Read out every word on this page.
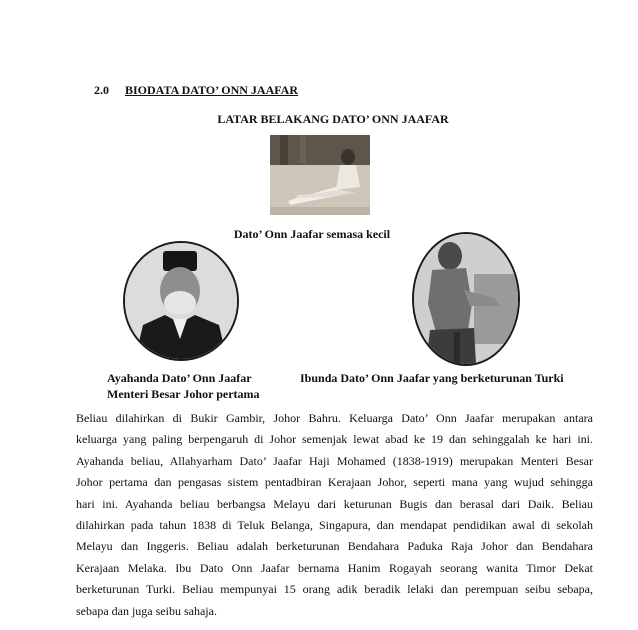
2.0 BIODATA DATO’ ONN JAAFAR
LATAR BELAKANG DATO’ ONN JAAFAR
Dato’ Onn Jaafar semasa kecil
Ayahanda Dato’ Onn Jaafar
Menteri Besar Johor pertama
Ibunda Dato’ Onn Jaafar yang berketurunan Turki

Beliau dilahirkan di Bukir Gambir, Johor Bahru. Keluarga Dato’ Onn Jaafar merupakan antara
keluarga yang paling berpengaruh di Johor semenjak lewat abad ke 19 dan sehinggalah ke hari ini.
Ayahanda beliau, Allahyarham Dato’ Jaafar Haji Mohamed (1838-1919) merupakan Menteri Besar
Johor pertama dan pengasas sistem pentadbiran Kerajaan Johor, seperti mana yang wujud sehingga
hari ini. Ayahanda beliau berbangsa Melayu dari keturunan Bugis dan berasal dari Daik. Beliau
dilahirkan pada tahun 1838 di Teluk Belanga, Singapura, dan mendapat pendidikan awal di sekolah
Melayu dan Inggeris. Beliau adalah berketurunan Bendahara Paduka Raja Johor dan Bendahara
Kerajaan Melaka. Ibu Dato Onn Jaafar bernama Hanim Rogayah seorang wanita Timor Dekat
berketurunan Turki. Beliau mempunyai 15 orang adik beradik lelaki dan perempuan seibu sebapa,
sebapa dan juga seibu sahaja.
